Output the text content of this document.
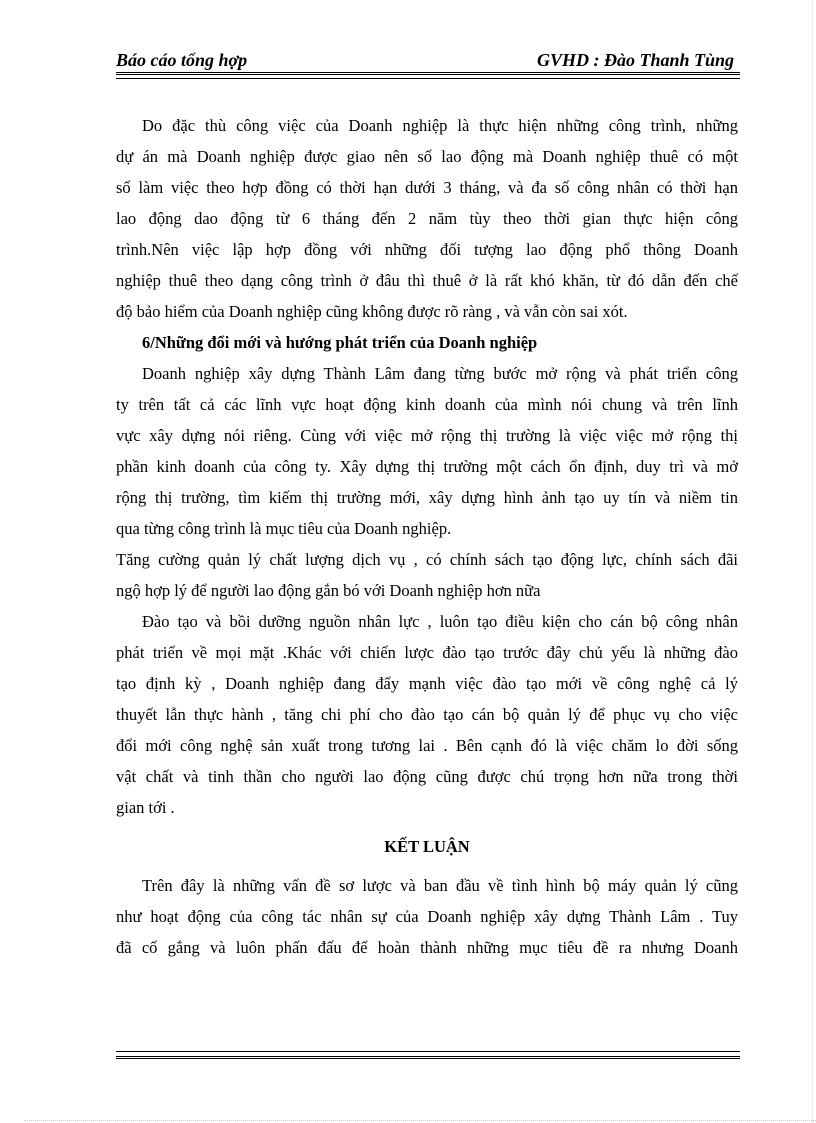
Báo cáo tổng hợp	GVHD : Đào Thanh Tùng
Do đặc thù công việc của Doanh nghiệp là thực hiện những công trình, những
dự án mà Doanh nghiệp được giao nên số lao động mà Doanh nghiệp thuê có một
số làm việc theo hợp đồng có thời hạn dưới 3 tháng, và đa số công nhân có thời hạn
lao động dao động từ 6 tháng đến 2 năm tùy theo thời gian thực hiện công
trình.Nên việc lập hợp đồng với những đối tượng lao động phổ thông Doanh
nghiệp thuê theo dạng công trình ở đâu thì thuê ở là rất khó khăn, từ đó dẫn đến chế
độ bảo hiểm của Doanh nghiệp cũng không được rõ ràng , và vẫn còn sai xót.
6/Những đổi mới và hướng phát triển của Doanh nghiệp
Doanh nghiệp xây dựng Thành Lâm đang từng bước mở rộng và phát triển công
ty trên tất cả các lĩnh vực hoạt động kinh doanh của mình nói chung và trên lĩnh
vực xây dựng nói riêng. Cùng với việc mở rộng thị trường là việc việc mở rộng thị
phần kinh doanh của công ty. Xây dựng thị trường một cách ổn định, duy trì và mở
rộng thị trường, tìm kiếm thị trường mới, xây dựng hình ảnh tạo uy tín và niềm tin
qua từng công trình là mục tiêu của Doanh nghiệp.
Tăng cường quản lý chất lượng dịch vụ , có chính sách tạo động lực, chính sách đãi
ngộ hợp lý để người lao động gắn bó với Doanh nghiệp hơn nữa
Đào tạo và bồi dưỡng nguồn nhân lực , luôn tạo điều kiện cho cán bộ công nhân
phát triển về mọi mặt .Khác với chiến lược đào tạo trước đây chủ yếu là những đào
tạo định kỳ , Doanh nghiệp đang đẩy mạnh việc đào tạo mới về công nghệ cả lý
thuyết lẫn thực hành , tăng chi phí cho đào tạo cán bộ quản lý để phục vụ cho việc
đổi mới công nghệ sản xuất trong tương lai . Bên cạnh đó là việc chăm lo đời sống
vật chất và tinh thần cho người lao động cũng được chú trọng hơn nữa trong thời
gian tới .
KẾT LUẬN
Trên đây là những vấn đề sơ lược và ban đầu về tình hình bộ máy quản lý cũng
như hoạt động của công tác nhân sự của Doanh nghiệp xây dựng Thành Lâm . Tuy
đã cố gắng và luôn phấn đấu để hoàn thành những mục tiêu đề ra nhưng Doanh
